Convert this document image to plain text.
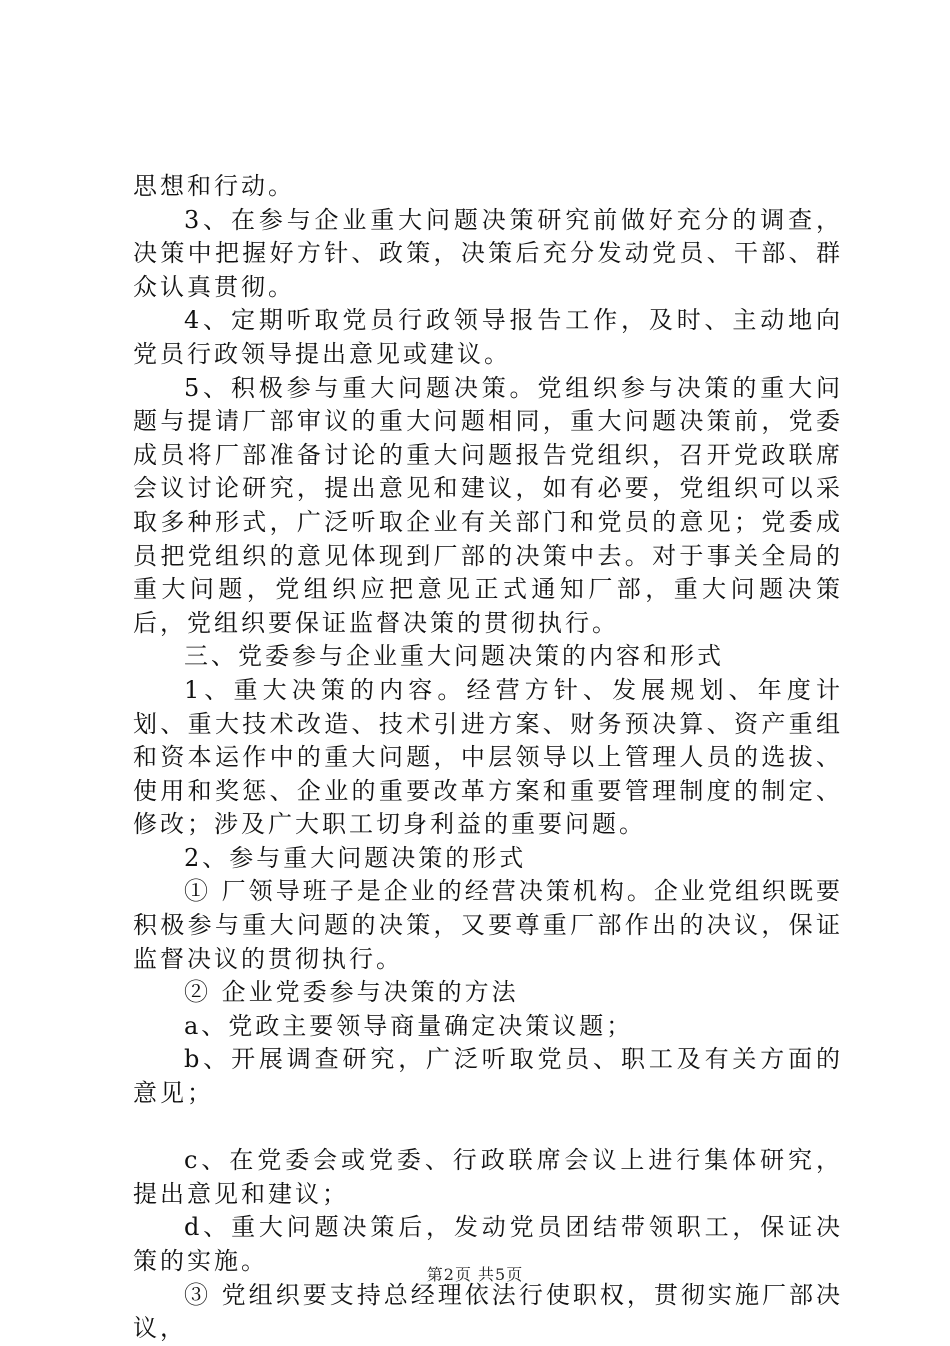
思想和行动。

3、在参与企业重大问题决策研究前做好充分的调查，决策中把握好方针、政策，决策后充分发动党员、干部、群众认真贯彻。

4、定期听取党员行政领导报告工作，及时、主动地向党员行政领导提出意见或建议。

5、积极参与重大问题决策。党组织参与决策的重大问题与提请厂部审议的重大问题相同，重大问题决策前，党委成员将厂部准备讨论的重大问题报告党组织，召开党政联席会议讨论研究，提出意见和建议，如有必要，党组织可以采取多种形式，广泛听取企业有关部门和党员的意见；党委成员把党组织的意见体现到厂部的决策中去。对于事关全局的重大问题，党组织应把意见正式通知厂部，重大问题决策后，党组织要保证监督决策的贯彻执行。

三、党委参与企业重大问题决策的内容和形式

1、重大决策的内容。经营方针、发展规划、年度计划、重大技术改造、技术引进方案、财务预决算、资产重组和资本运作中的重大问题，中层领导以上管理人员的选拔、使用和奖惩、企业的重要改革方案和重要管理制度的制定、修改；涉及广大职工切身利益的重要问题。

2、参与重大问题决策的形式

① 厂领导班子是企业的经营决策机构。企业党组织既要积极参与重大问题的决策，又要尊重厂部作出的决议，保证监督决议的贯彻执行。

② 企业党委参与决策的方法

a、党政主要领导商量确定决策议题；

b、开展调查研究，广泛听取党员、职工及有关方面的意见；

c、在党委会或党委、行政联席会议上进行集体研究，提出意见和建议；

d、重大问题决策后，发动党员团结带领职工，保证决策的实施。

③ 党组织要支持总经理依法行使职权，贯彻实施厂部决议，

第2页 共5页
